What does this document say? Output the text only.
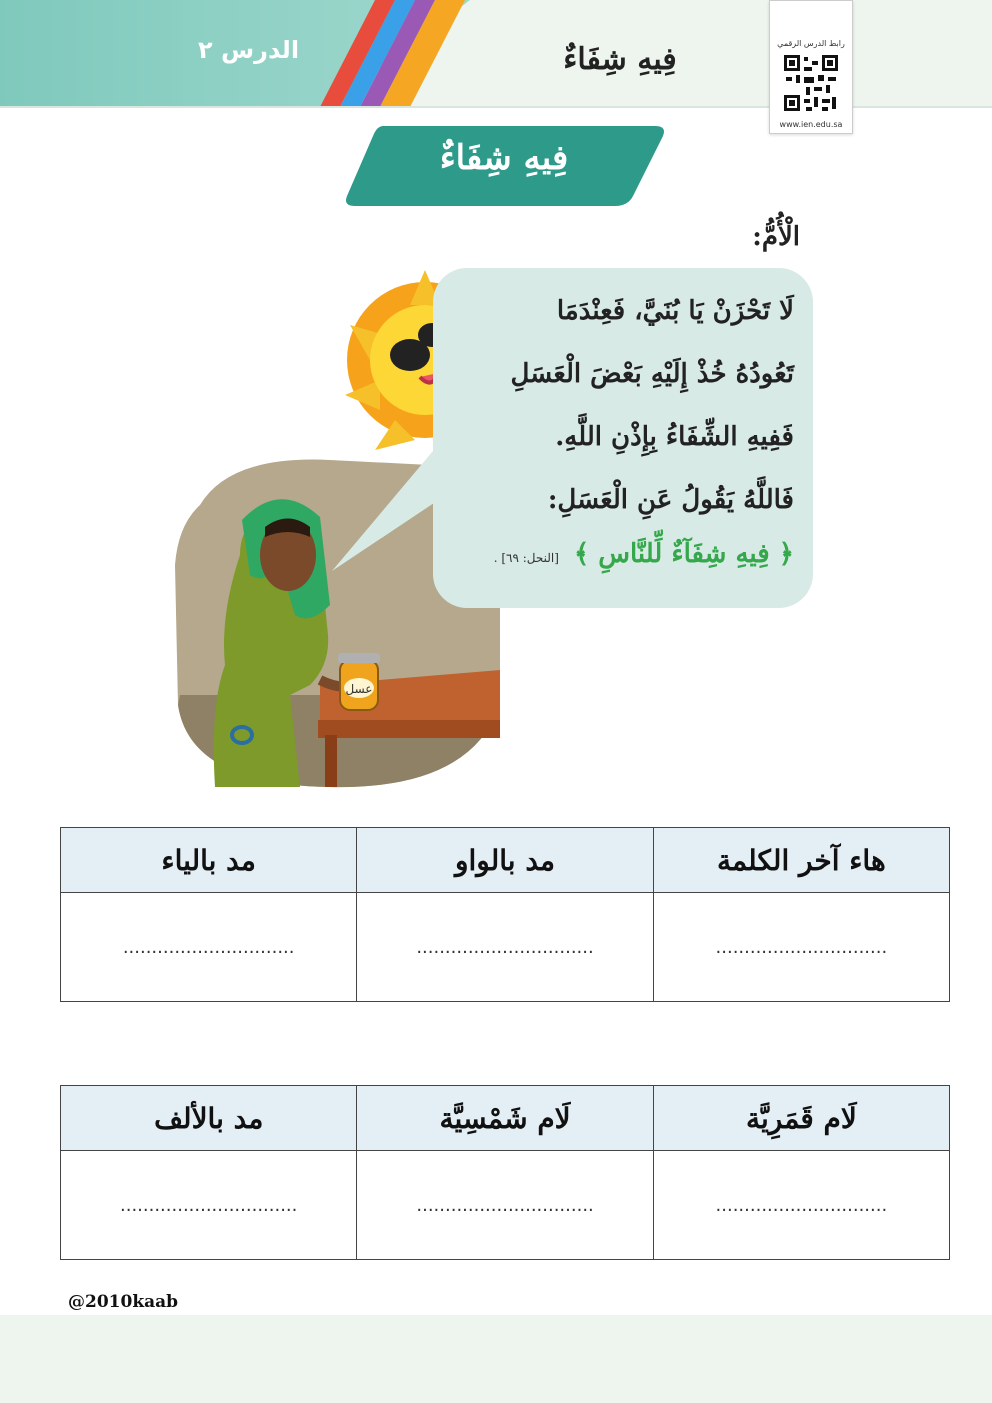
الدرس ٢	فِيهِ شِفَاءٌ	رابط الدرس الرقمي
www.ien.edu.sa
فِيهِ شِفَاءٌ
الْأُمُّ:
عسل
لَا تَحْزَنْ يَا بُنَيَّ، فَعِنْدَمَا
تَعُودُهُ خُذْ إِلَيْهِ بَعْضَ الْعَسَلِ
فَفِيهِ الشِّفَاءُ بِإِذْنِ اللَّهِ.
فَاللَّهُ يَقُولُ عَنِ الْعَسَلِ:
﴿ فِيهِ شِفَآءٌ لِّلنَّاسِ ﴾ [النحل: ٦٩] .
هاء آخر الكلمة	مد بالواو	مد بالياء
..............................	...............................	..............................
لَام قَمَرِيَّة	لَام شَمْسِيَّة	مد بالألف
..............................	...............................	...............................
@2010kaab
